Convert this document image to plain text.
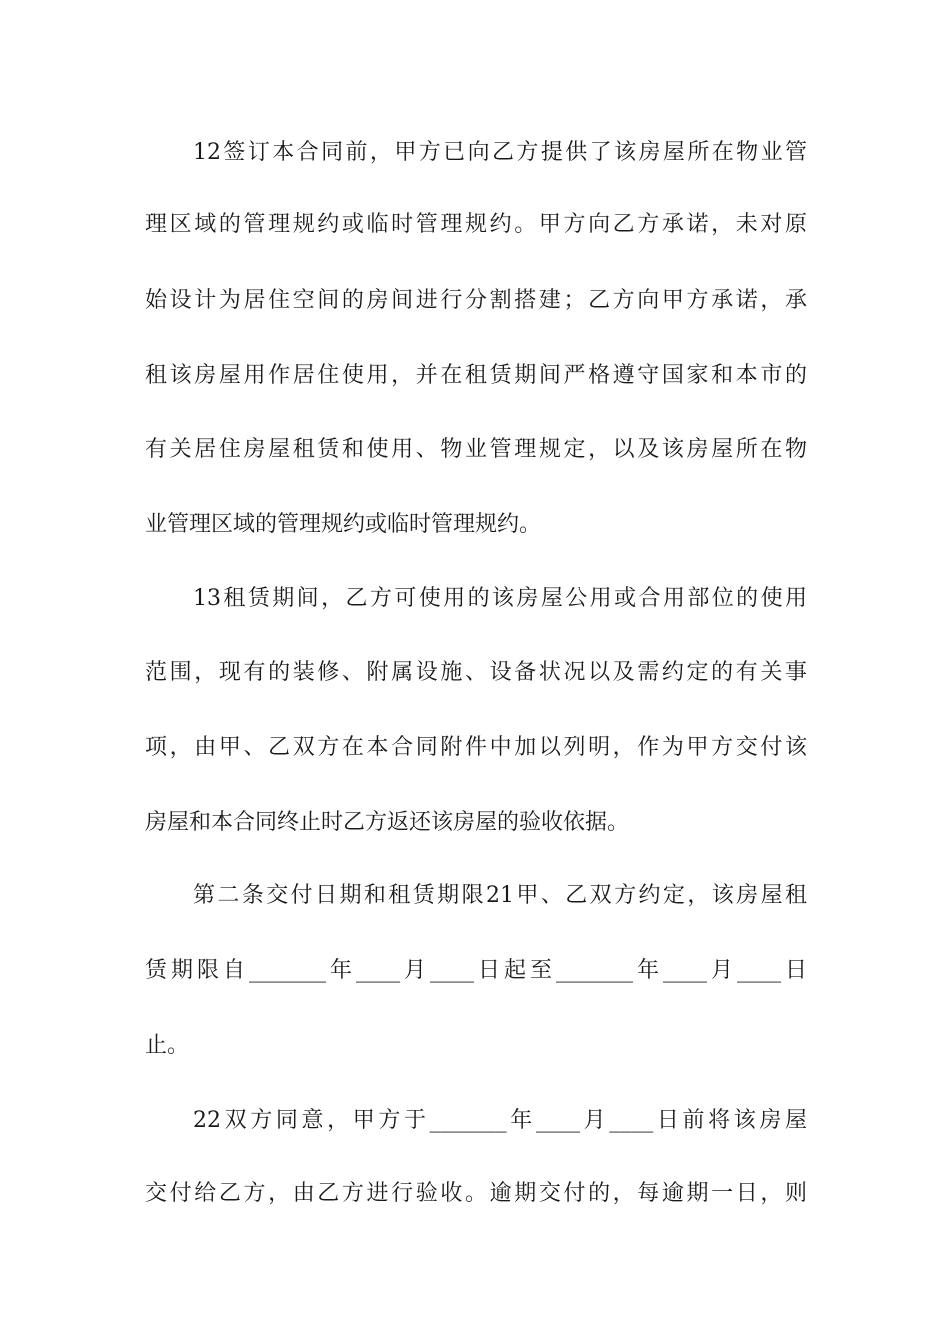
12签订本合同前，甲方已向乙方提供了该房屋所在物业管
理区域的管理规约或临时管理规约。甲方向乙方承诺，未对原
始设计为居住空间的房间进行分割搭建；乙方向甲方承诺，承
租该房屋用作居住使用，并在租赁期间严格遵守国家和本市的
有关居住房屋租赁和使用、物业管理规定，以及该房屋所在物
业管理区域的管理规约或临时管理规约。
13租赁期间，乙方可使用的该房屋公用或合用部位的使用
范围，现有的装修、附属设施、设备状况以及需约定的有关事
项，由甲、乙双方在本合同附件中加以列明，作为甲方交付该
房屋和本合同终止时乙方返还该房屋的验收依据。
第二条交付日期和租赁期限21甲、乙双方约定，该房屋租
赁期限自_______年____月____日起至_______年____月____日
止。
22双方同意，甲方于_______年____月____日前将该房屋
交付给乙方，由乙方进行验收。逾期交付的，每逾期一日，则
